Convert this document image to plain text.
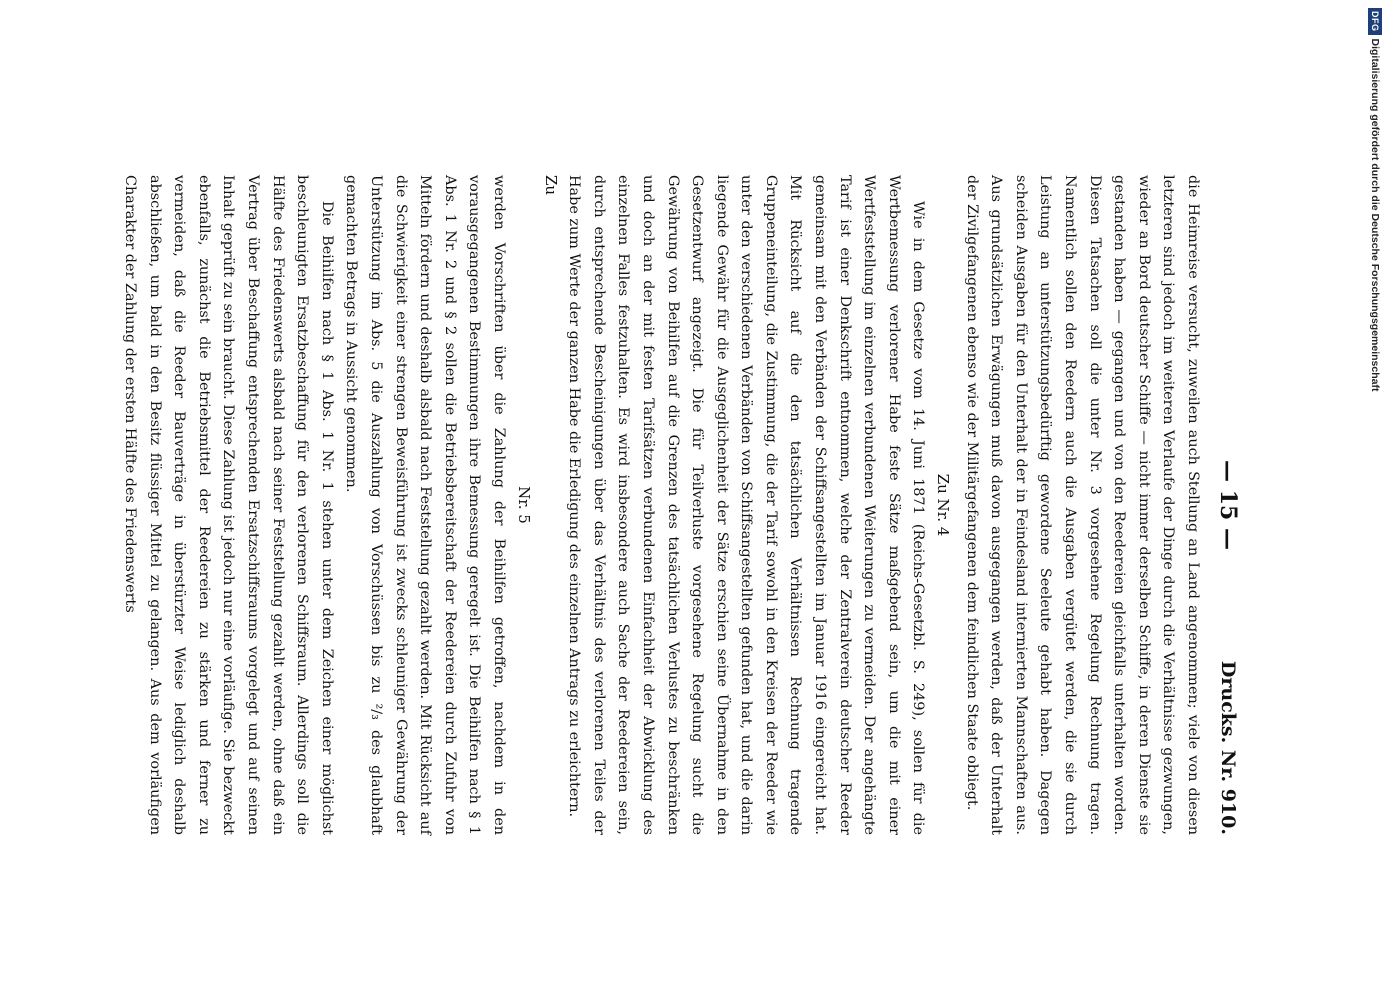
— 15 —
Drucks. Nr. 910.

die Heimreise versucht, zuweilen auch Stellung an Land angenommen; viele von diesen letzteren sind jedoch im weiteren Verlaufe der Dinge durch die Verhältnisse gezwungen, wieder an Bord deutscher Schiffe — nicht immer derselben Schiffe, in deren Dienste sie gestanden haben — gegangen und von den Reedereien gleichfalls unterhalten worden. Diesen Tatsachen soll die unter Nr. 3 vorgesehene Regelung Rechnung tragen. Namentlich sollen den Reedern auch die Ausgaben vergütet werden, die sie durch Leistung an unterstützungsbedürftig gewordene Seeleute gehabt haben. Dagegen scheiden Ausgaben für den Unterhalt der in Feindesland internierten Mannschaften aus. Aus grundsätzlichen Erwägungen muß davon ausgegangen werden, daß der Unterhalt der Zivilgefangenen ebenso wie der Militärgefangenen dem feindlichen Staate obliegt.

Zu Nr. 4

Wie in dem Gesetze vom 14. Juni 1871 (Reichs-Gesetzbl. S. 249), sollen für die Wertbemessung verlorener Habe feste Sätze maßgebend sein, um die mit einer Wertfeststellung im einzelnen verbundenen Weiterungen zu vermeiden. Der angehängte Tarif ist einer Denkschrift entnommen, welche der Zentralverein deutscher Reeder gemeinsam mit den Verbänden der Schiffsangestellten im Januar 1916 eingereicht hat. Mit Rücksicht auf die den tatsächlichen Verhältnissen Rechnung tragende Gruppeneinteilung, die Zustimmung, die der Tarif sowohl in den Kreisen der Reeder wie unter den verschiedenen Verbänden von Schiffsangestellten gefunden hat, und die darin liegende Gewähr für die Ausgeglichenheit der Sätze erschien seine Übernahme in den Gesetzentwurf angezeigt. Die für Teilverluste vorgesehene Regelung sucht die Gewährung von Beihilfen auf die Grenzen des tatsächlichen Verlustes zu beschränken und doch an der mit festen Tarifsätzen verbundenen Einfachheit der Abwicklung des einzelnen Falles festzuhalten. Es wird insbesondere auch Sache der Reedereien sein, durch entsprechende Bescheinigungen über das Verhältnis des verlorenen Teiles der Habe zum Werte der ganzen Habe die Erledigung des einzelnen Antrags zu erleichtern.

Zu
Nr. 5

werden Vorschriften über die Zahlung der Beihilfen getroffen, nachdem in den vorausgegangenen Bestimmungen ihre Bemessung geregelt ist. Die Beihilfen nach § 1 Abs. 1 Nr. 2 und § 2 sollen die Betriebsbereitschaft der Reedereien durch Zufuhr von Mitteln fördern und deshalb alsbald nach Feststellung gezahlt werden. Mit Rücksicht auf die Schwierigkeit einer strengen Beweisführung ist zwecks schleuniger Gewährung der Unterstützung im Abs. 5 die Auszahlung von Vorschüssen bis zu ²/₃ des glaubhaft gemachten Betrags in Aussicht genommen.

Die Beihilfen nach § 1 Abs. 1 Nr. 1 stehen unter dem Zeichen einer möglichst beschleunigten Ersatzbeschaffung für den verlorenen Schiffsraum. Allerdings soll die Hälfte des Friedenswerts alsbald nach seiner Feststellung gezahlt werden, ohne daß ein Vertrag über Beschaffung entsprechenden Ersatzschiffsraums vorgelegt und auf seinen Inhalt geprüft zu sein braucht. Diese Zahlung ist jedoch nur eine vorläufige. Sie bezweckt ebenfalls, zunächst die Betriebsmittel der Reedereien zu stärken und ferner zu vermeiden, daß die Reeder Bauverträge in überstürzter Weise lediglich deshalb abschließen, um bald in den Besitz flüssiger Mittel zu gelangen. Aus dem vorläufigen Charakter der Zahlung der ersten Hälfte des Friedenswerts

DFGDigitalisierung gefördert durch die Deutsche Forschungsgemeinschaft
